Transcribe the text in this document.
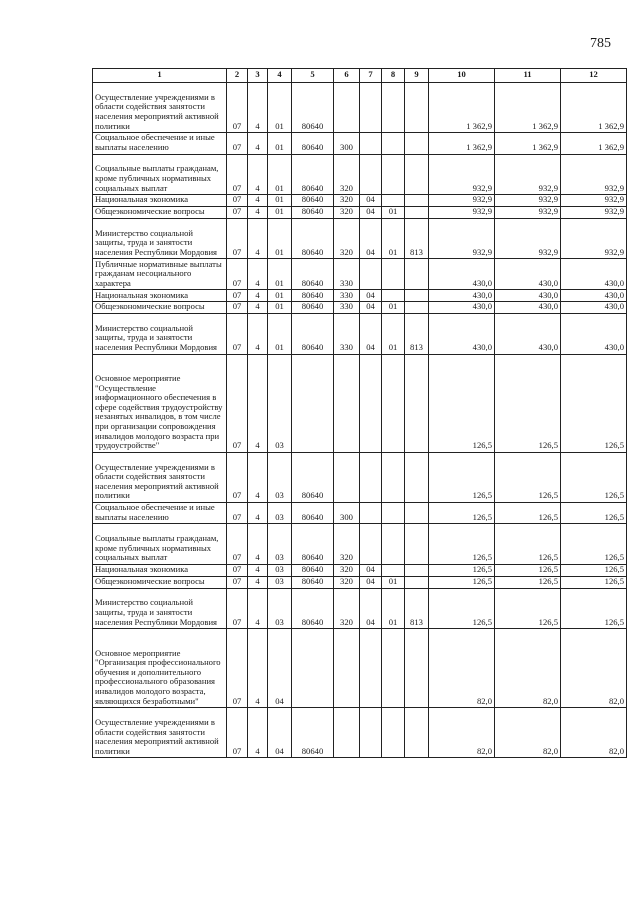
785
1	2	3	4	5	6	7	8	9	10	11	12
Осуществление учреждениями в области содействия занятости населения мероприятий активной политики	07	4	01	80640					1 362,9	1 362,9	1 362,9
Социальное обеспечение и иные выплаты населению	07	4	01	80640	300				1 362,9	1 362,9	1 362,9
Социальные выплаты гражданам, кроме публичных нормативных социальных выплат	07	4	01	80640	320				932,9	932,9	932,9
Национальная экономика	07	4	01	80640	320	04			932,9	932,9	932,9
Общеэкономические вопросы	07	4	01	80640	320	04	01		932,9	932,9	932,9
Министерство социальной защиты, труда и занятости населения Республики Мордовия	07	4	01	80640	320	04	01	813	932,9	932,9	932,9
Публичные нормативные выплаты гражданам несоциального характера	07	4	01	80640	330				430,0	430,0	430,0
Национальная экономика	07	4	01	80640	330	04			430,0	430,0	430,0
Общеэкономические вопросы	07	4	01	80640	330	04	01		430,0	430,0	430,0
Министерство социальной защиты, труда и занятости населения Республики Мордовия	07	4	01	80640	330	04	01	813	430,0	430,0	430,0
Основное мероприятие "Осуществление информационного обеспечения в сфере содействия трудоустройству незанятых инвалидов, в том числе при организации сопровождения инвалидов молодого возраста при трудоустройстве"	07	4	03						126,5	126,5	126,5
Осуществление учреждениями в области содействия занятости населения мероприятий активной политики	07	4	03	80640					126,5	126,5	126,5
Социальное обеспечение и иные выплаты населению	07	4	03	80640	300				126,5	126,5	126,5
Социальные выплаты гражданам, кроме публичных нормативных социальных выплат	07	4	03	80640	320				126,5	126,5	126,5
Национальная экономика	07	4	03	80640	320	04			126,5	126,5	126,5
Общеэкономические вопросы	07	4	03	80640	320	04	01		126,5	126,5	126,5
Министерство социальной защиты, труда и занятости населения Республики Мордовия	07	4	03	80640	320	04	01	813	126,5	126,5	126,5
Основное мероприятие "Организация профессионального обучения и дополнительного профессионального образования инвалидов молодого возраста, являющихся безработными"	07	4	04						82,0	82,0	82,0
Осуществление учреждениями в области содействия занятости населения мероприятий активной политики	07	4	04	80640					82,0	82,0	82,0
